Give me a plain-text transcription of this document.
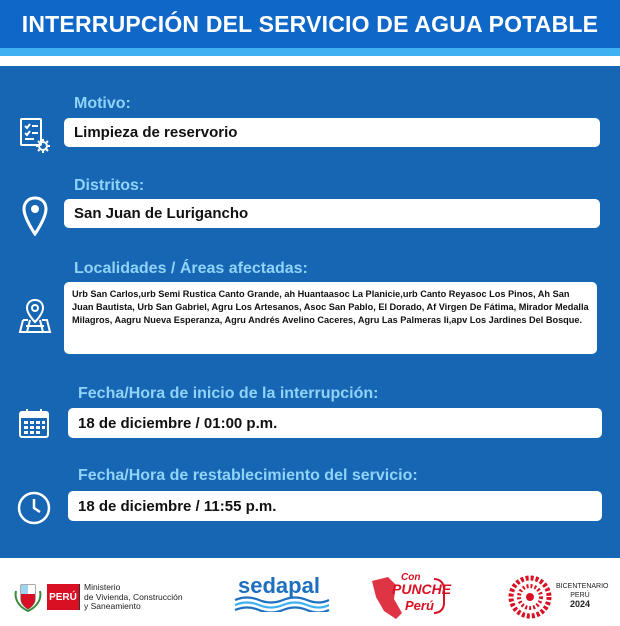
INTERRUPCIÓN DEL SERVICIO DE AGUA POTABLE
Motivo:
Limpieza de reservorio
Distritos:
San Juan de Lurigancho
Localidades / Áreas afectadas:
Urb San Carlos,urb Semi Rustica Canto Grande, ah Huantaasoc La Planicie,urb Canto Reyasoc Los Pinos, Ah San Juan Bautista, Urb San Gabriel, Agru Los Artesanos, Asoc San Pablo, El Dorado, Af Virgen De Fátima, Mirador Medalla Milagros, Aagru Nueva Esperanza, Agru Andrés Avelino Caceres, Agru Las Palmeras Ii,apv Los Jardines Del Bosque.
Fecha/Hora de inicio de la interrupción:
18 de diciembre / 01:00 p.m.
Fecha/Hora de restablecimiento del servicio:
18 de diciembre / 11:55 p.m.
PERÚ
Ministerio
de Vivienda, Construcción
y Saneamiento
sedapal	Con
PUNCHE
Perú
BICENTENARIO
PERÚ
2024
